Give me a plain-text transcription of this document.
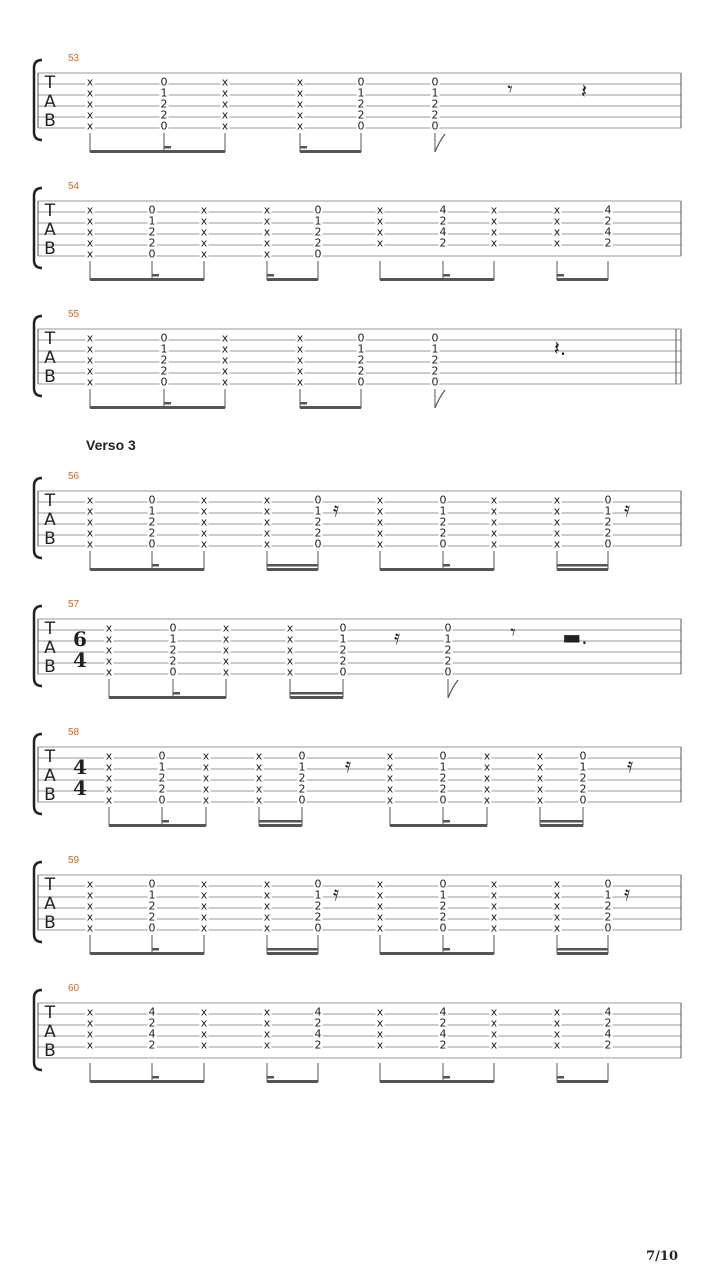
T
A
B
53
x
x
x
x
x
0
1
2
2
0
x
x
x
x
x
x
x
x
x
x
0
1
2
2
0
0
1
2
2
0
𝄾	𝄽
T
A
B
54
x
x
x
x
x
0
1
2
2
0
x
x
x
x
x
x
x
x
x
x
0
1
2
2
0
x
x
x
x
4
2
4
2
x
x
x
x
x
x
x
x
4
2
4
2
T
A
B
55
x
x
x
x
x
0
1
2
2
0
x
x
x
x
x
x
x
x
x
x
0
1
2
2
0
0
1
2
2
0
𝄽.
T
A
B
56
x
x
x
x
x
0
1
2
2
0
x
x
x
x
x
x
x
x
x
x
0
1
2
2
0
x
x
x
x
x
0
1
2
2
0
x
x
x
x
x
x
x
x
x
x
0
1
2
2
0
𝄿	𝄿
T
A
B
57
6
4
x
x
x
x
x
0
1
2
2
0
x
x
x
x
x
x
x
x
x
x
0
1
2
2
0
0
1
2
2
0
𝄿	𝄾 ▬.
T
A
B
58
4
4
x
x
x
x
x
0
1
2
2
0
x
x
x
x
x
x
x
x
x
x
0
1
2
2
0
x
x
x
x
x
0
1
2
2
0
x
x
x
x
x
x
x
x
x
x
0
1
2
2
0
𝄿	𝄿
T
A
B
59
x
x
x
x
x
0
1
2
2
0
x
x
x
x
x
x
x
x
x
x
0
1
2
2
0
x
x
x
x
x
0
1
2
2
0
x
x
x
x
x
x
x
x
x
x
0
1
2
2
0
𝄿	𝄿
T
A
B
60
x
x
x
x
4
2
4
2
x
x
x
x
x
x
x
x
4
2
4
2
x
x
x
x
4
2
4
2
x
x
x
x
x
x
x
x
4
2
4
2
Verso 3
7/10
